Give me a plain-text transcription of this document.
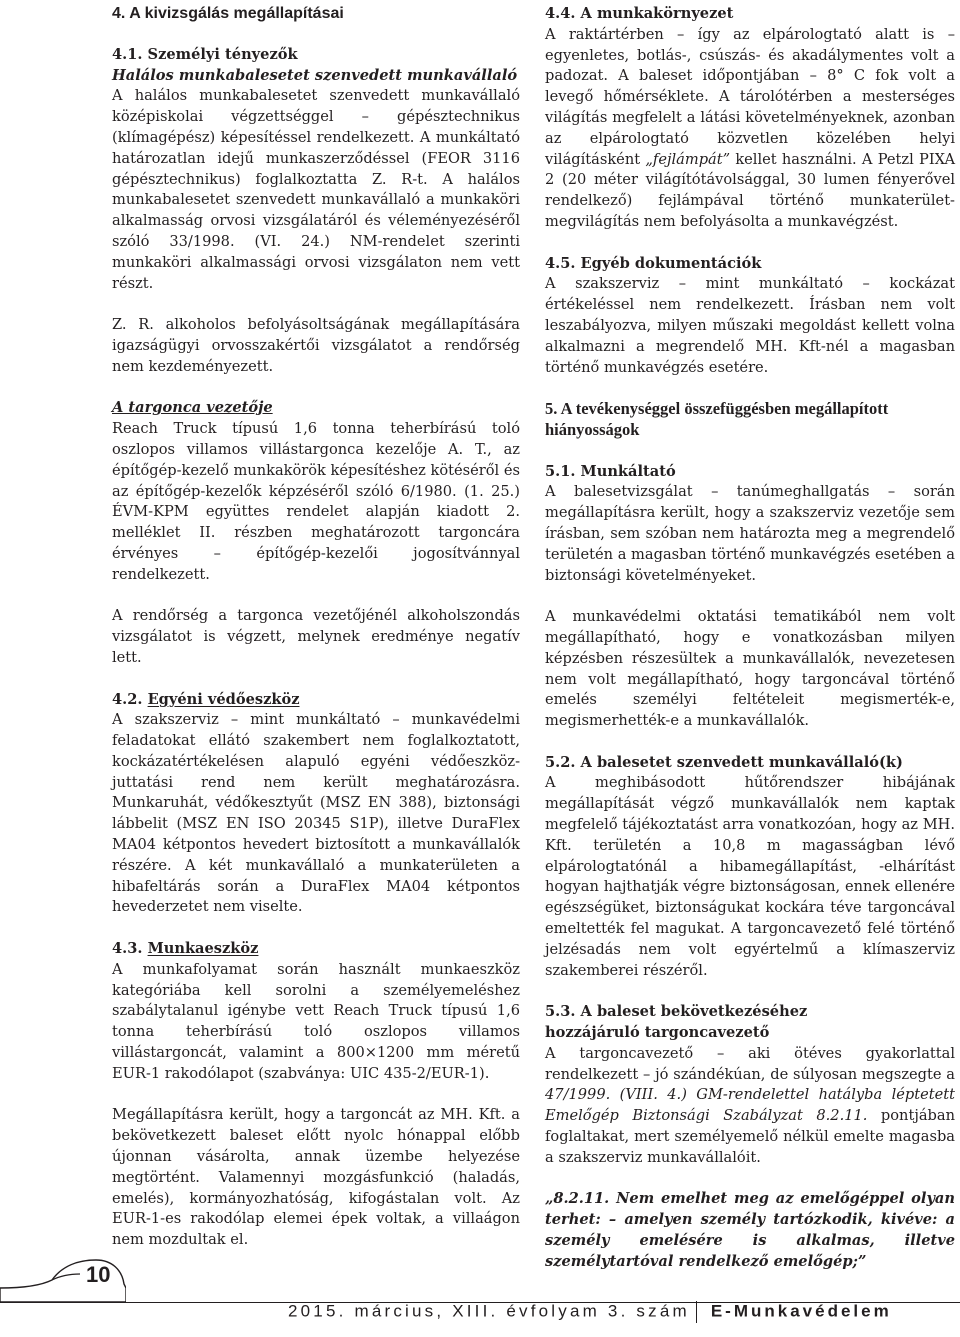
4. A kivizsgálás megállapításai

4.1. Személyi tényezők

Halálos munkabalesetet szenvedett munkavállaló

A halálos munkabalesetet szenvedett munkavállaló középiskolai végzettséggel – gépésztechnikus (klímagépész) képesítéssel rendelkezett. A munkáltató határozatlan idejű munkaszerződéssel (FEOR 3116 gépésztechnikus) foglalkoztatta Z. R-t. A halálos munkabalesetet szenvedett munkavállaló a munkaköri alkalmasság orvosi vizsgálatáról és véleményezéséről szóló 33/1998. (VI. 24.) NM-rendelet szerinti munkaköri alkalmassági orvosi vizsgálaton nem vett részt.

Z. R. alkoholos befolyásoltságának megállapítására igazságügyi orvosszakértői vizsgálatot a rendőrség nem kezdeményezett.

A targonca vezetője

Reach Truck típusú 1,6 tonna teherbírású toló oszlopos villamos villástargonca kezelője A. T., az építőgép-kezelő munkakörök képesítéshez kötéséről és az építőgép-kezelők képzéséről szóló 6/1980. (1. 25.) ÉVM-KPM együttes rendelet alapján kiadott 2. melléklet II. részben meghatározott targoncára érvényes – építőgép-kezelői jogosítvánnyal rendelkezett.

A rendőrség a targonca vezetőjénél alkoholszondás vizsgálatot is végzett, melynek eredménye negatív lett.

4.2. Egyéni védőeszköz

A szakszerviz – mint munkáltató – munkavédelmi feladatokat ellátó szakembert nem foglalkoztatott, kockázatértékelésen alapuló egyéni védőeszköz-juttatási rend nem került meghatározásra. Munkaruhát, védőkesztyűt (MSZ EN 388), biztonsági lábbelit (MSZ EN ISO 20345 S1P), illetve DuraFlex MA04 kétpontos hevedert biztosított a munkavállalók részére. A két munkavállaló a munkaterületen a hibafeltárás során a DuraFlex MA04 kétpontos hevederzetet nem viselte.

4.3. Munkaeszköz

A munkafolyamat során használt munkaeszköz kategóriába kell sorolni a személyemeléshez szabálytalanul igénybe vett Reach Truck típusú 1,6 tonna teherbírású toló oszlopos villamos villástargoncát, valamint a 800×1200 mm méretű EUR-1 rakodólapot (szabványa: UIC 435-2/EUR-1).

Megállapításra került, hogy a targoncát az MH. Kft. a bekövetkezett baleset előtt nyolc hónappal előbb újonnan vásárolta, annak üzembe helyezése megtörtént. Valamennyi mozgásfunkció (haladás, emelés), kormányozhatóság, kifogástalan volt. Az EUR-1-es rakodólap elemei épek voltak, a villaágon nem mozdultak el.

4.4. A munkakörnyezet

A raktártérben – így az elpárologtató alatt is – egyenletes, botlás-, csúszás- és akadálymentes volt a padozat. A baleset időpontjában – 8° C fok volt a levegő hőmérséklete. A tárolótérben a mesterséges világítás megfelelt a látási követelményeknek, azonban az elpárologtató közvetlen közelében helyi világításként „fejlámpát” kellet használni. A Petzl PIXA 2 (20 méter világítótávolsággal, 30 lumen fényerővel rendelkező) fejlámpával történő munkaterület-megvilágítás nem befolyásolta a munkavégzést.

4.5. Egyéb dokumentációk

A szakszerviz – mint munkáltató – kockázat értékeléssel nem rendelkezett. Írásban nem volt leszabályozva, milyen műszaki megoldást kellett volna alkalmazni a megrendelő MH. Kft-nél a magasban történő munkavégzés esetére.

5. A tevékenységgel összefüggésben megállapított hiányosságok

5.1. Munkáltató

A balesetvizsgálat – tanúmeghallgatás – során megállapításra került, hogy a szakszerviz vezetője sem írásban, sem szóban nem határozta meg a megrendelő területén a magasban történő munkavégzés esetében a biztonsági követelményeket.

A munkavédelmi oktatási tematikából nem volt megállapítható, hogy e vonatkozásban milyen képzésben részesültek a munkavállalók, nevezetesen nem volt megállapítható, hogy targoncával történő emelés személyi feltételeit megismerték-e, megismerhették-e a munkavállalók.

5.2. A balesetet szenvedett munkavállaló(k)

A meghibásodott hűtőrendszer hibájának megállapítását végző munkavállalók nem kaptak megfelelő tájékoztatást arra vonatkozóan, hogy az MH. Kft. területén a 10,8 m magasságban lévő elpárologtatónál a hibamegállapítást, -elhárítást hogyan hajthatják végre biztonságosan, ennek ellenére egészségüket, biztonságukat kockára téve targoncával emeltették fel magukat. A targoncavezető felé történő jelzésadás nem volt egyértelmű a klímaszerviz szakemberei részéről.

5.3. A baleset bekövetkezéséhez hozzájáruló targoncavezető

A targoncavezető – aki ötéves gyakorlattal rendelkezett – jó szándékúan, de súlyosan megszegte a 47/1999. (VIII. 4.) GM-rendelettel hatályba léptetett Emelőgép Biztonsági Szabályzat 8.2.11. pontjában foglaltakat, mert személyemelő nélkül emelte magasba a szakszerviz munkavállalóit.

„8.2.11. Nem emelhet meg az emelőgéppel olyan terhet: – amelyen személy tartózkodik, kivéve: a személy emelésére is alkalmas, illetve személytartóval rendelkező emelőgép;”

10
2015. március, XIII. évfolyam 3. szám E-Munkavédelem
